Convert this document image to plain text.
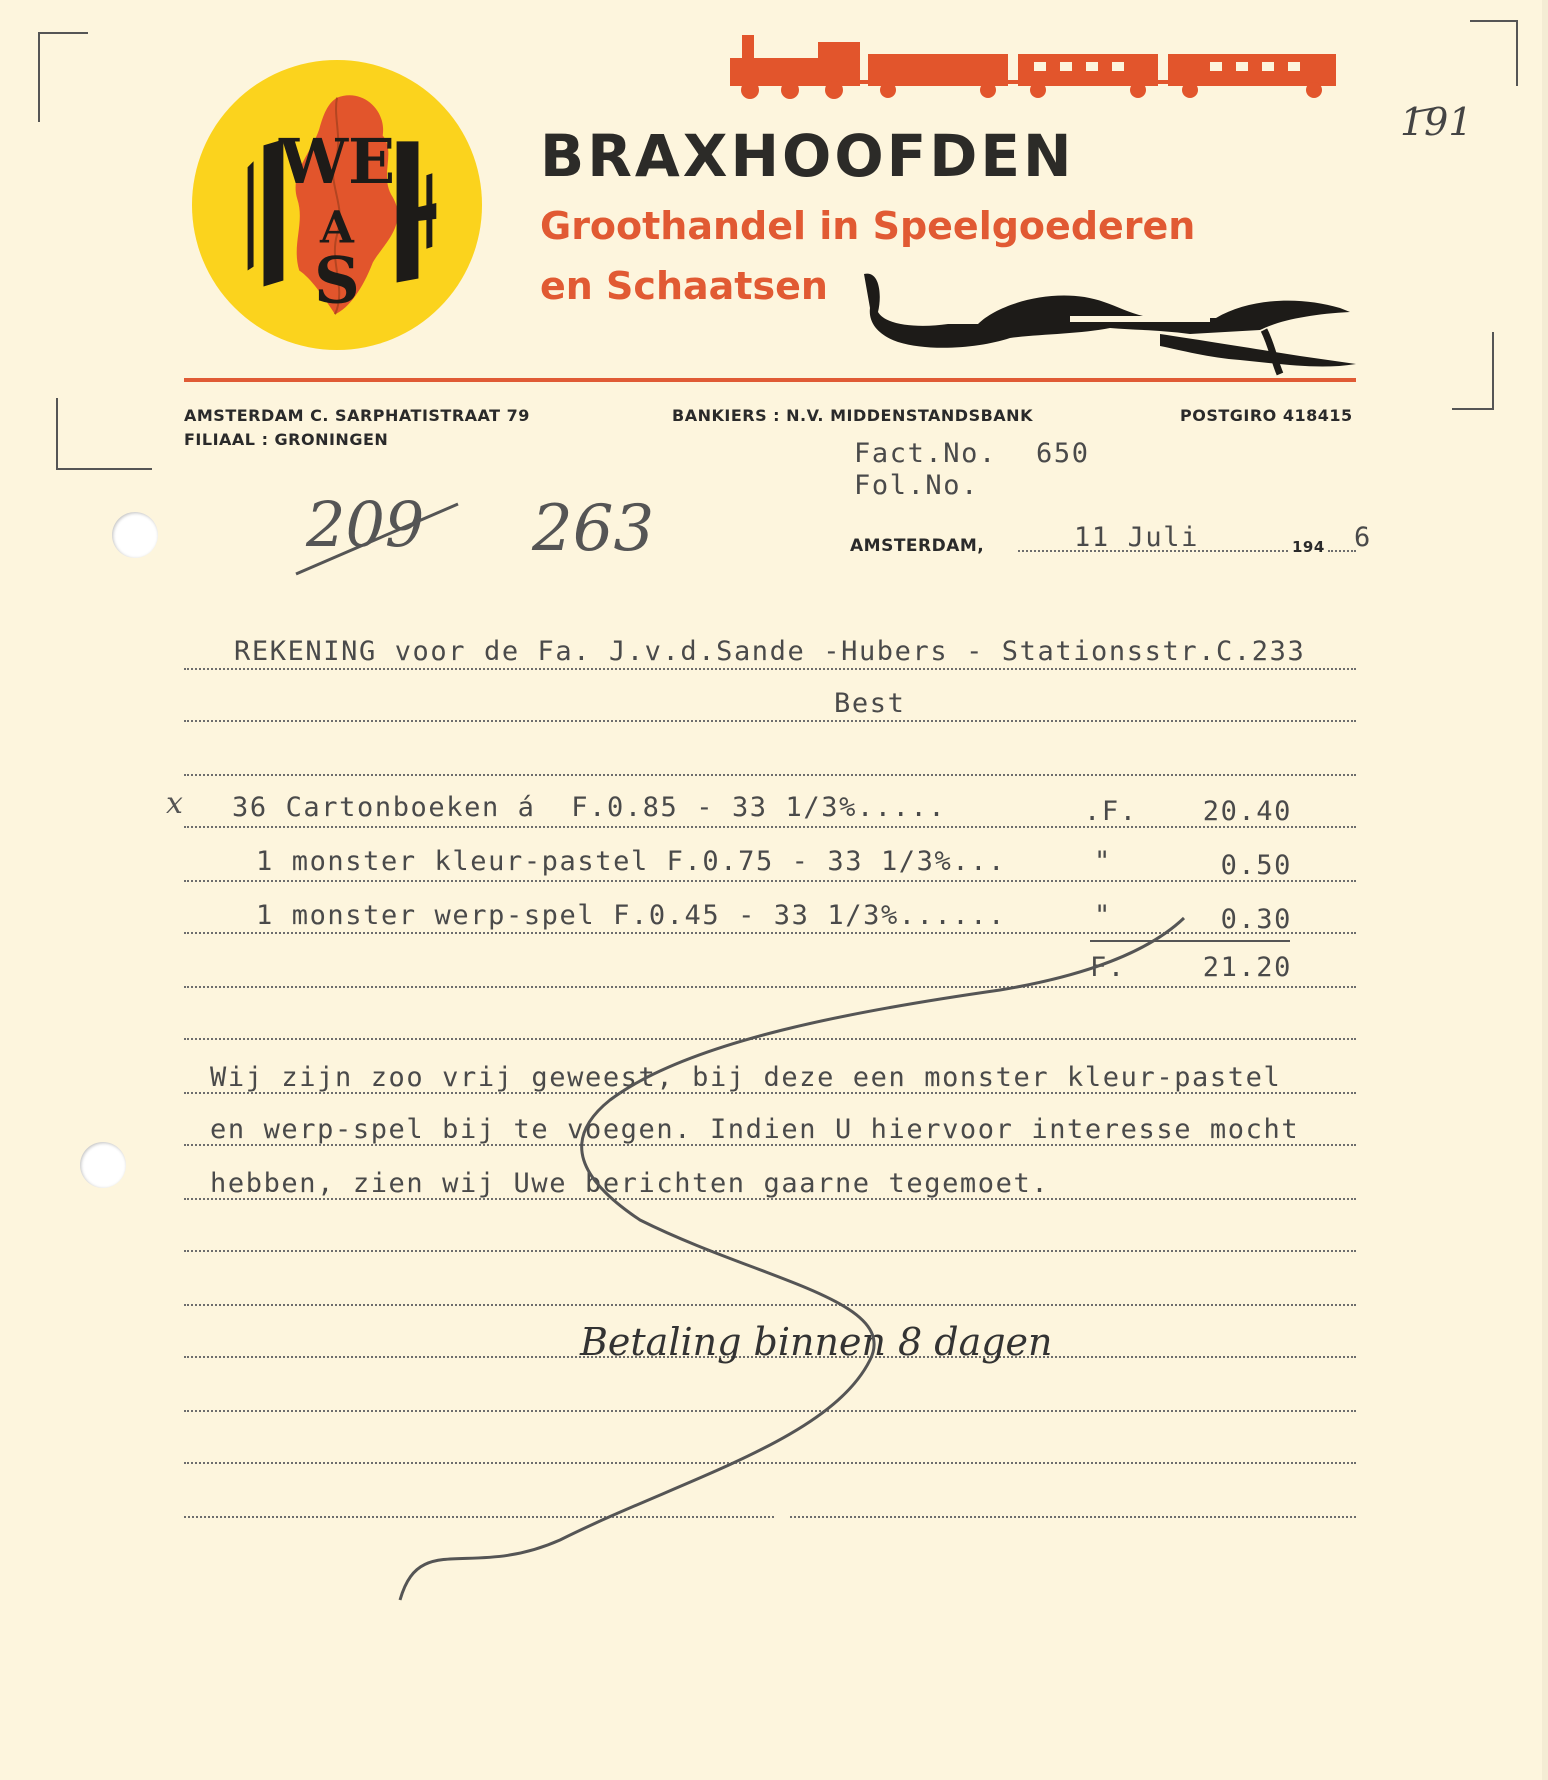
WE
A
S
BRAXHOOFDEN
Groothandel in Speelgoederen
en Schaatsen
AMSTERDAM C. SARPHATISTRAAT 79
FILIAAL : GRONINGEN
BANKIERS : N.V. MIDDENSTANDSBANK	POSTGIRO 418415
Fact.No. 650
Fol.No.
AMSTERDAM,	11 Juli	194 6
209 263
191
x
REKENING voor de Fa. J.v.d.Sande -Hubers - Stationsstr.C.233
Best
36 Cartonboeken á  F.0.85 - 33 1/3%.....	.F.	20.40
1 monster kleur-pastel F.0.75 - 33 1/3%...	"	0.50
1 monster werp-spel F.0.45 - 33 1/3%......	"	0.30
F.	21.20
Wij zijn zoo vrij geweest, bij deze een monster kleur-pastel
en werp-spel bij te voegen. Indien U hiervoor interesse mocht
hebben, zien wij Uwe berichten gaarne tegemoet.
Betaling binnen 8 dagen
